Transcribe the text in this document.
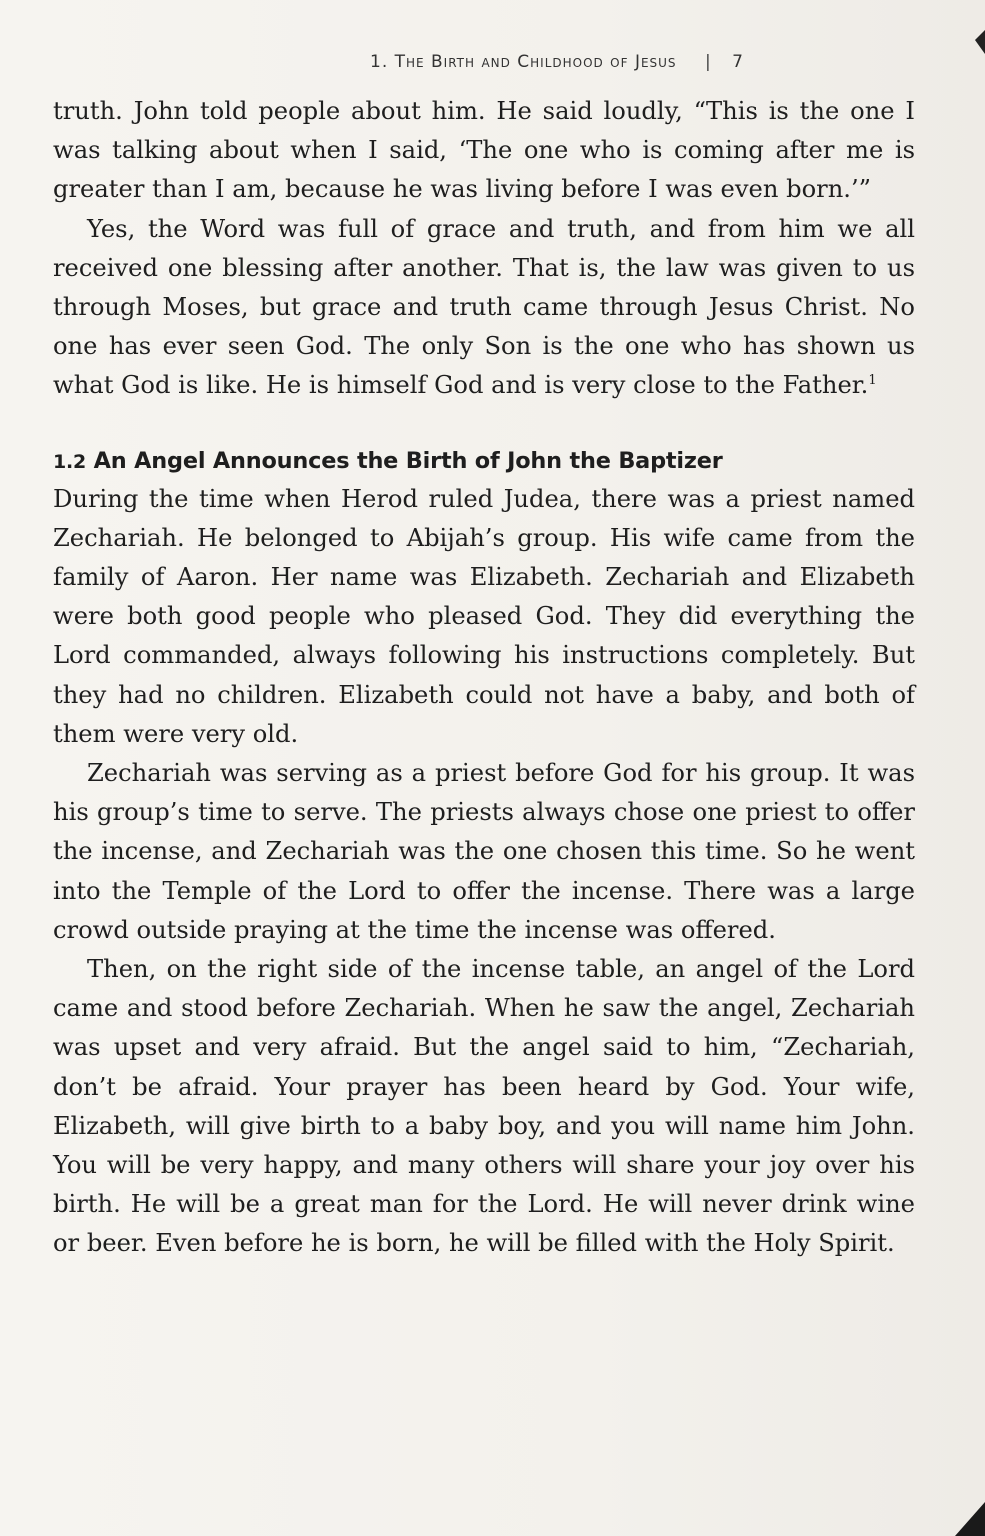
1. The Birth and Childhood of Jesus | 7

truth. John told people about him. He said loudly, “This is the one I was talking about when I said, ‘The one who is coming after me is greater than I am, because he was living before I was even born.’”

Yes, the Word was full of grace and truth, and from him we all received one blessing after another. That is, the law was given to us through Moses, but grace and truth came through Jesus Christ. No one has ever seen God. The only Son is the one who has shown us what God is like. He is himself God and is very close to the Father.$^1$

1.2 An Angel Announces the Birth of John the Baptizer

During the time when Herod ruled Judea, there was a priest named Zechariah. He belonged to Abijah’s group. His wife came from the family of Aaron. Her name was Elizabeth. Zechariah and Elizabeth were both good people who pleased God. They did everything the Lord commanded, always following his instructions completely. But they had no children. Elizabeth could not have a baby, and both of them were very old.

Zechariah was serving as a priest before God for his group. It was his group’s time to serve. The priests always chose one priest to offer the incense, and Zechariah was the one chosen this time. So he went into the Temple of the Lord to offer the incense. There was a large crowd outside praying at the time the incense was offered.

Then, on the right side of the incense table, an angel of the Lord came and stood before Zechariah. When he saw the angel, Zechariah was upset and very afraid. But the angel said to him, “Zechariah, don’t be afraid. Your prayer has been heard by God. Your wife, Elizabeth, will give birth to a baby boy, and you will name him John. You will be very happy, and many others will share your joy over his birth. He will be a great man for the Lord. He will never drink wine or beer. Even before he is born, he will be filled with the Holy Spirit.
